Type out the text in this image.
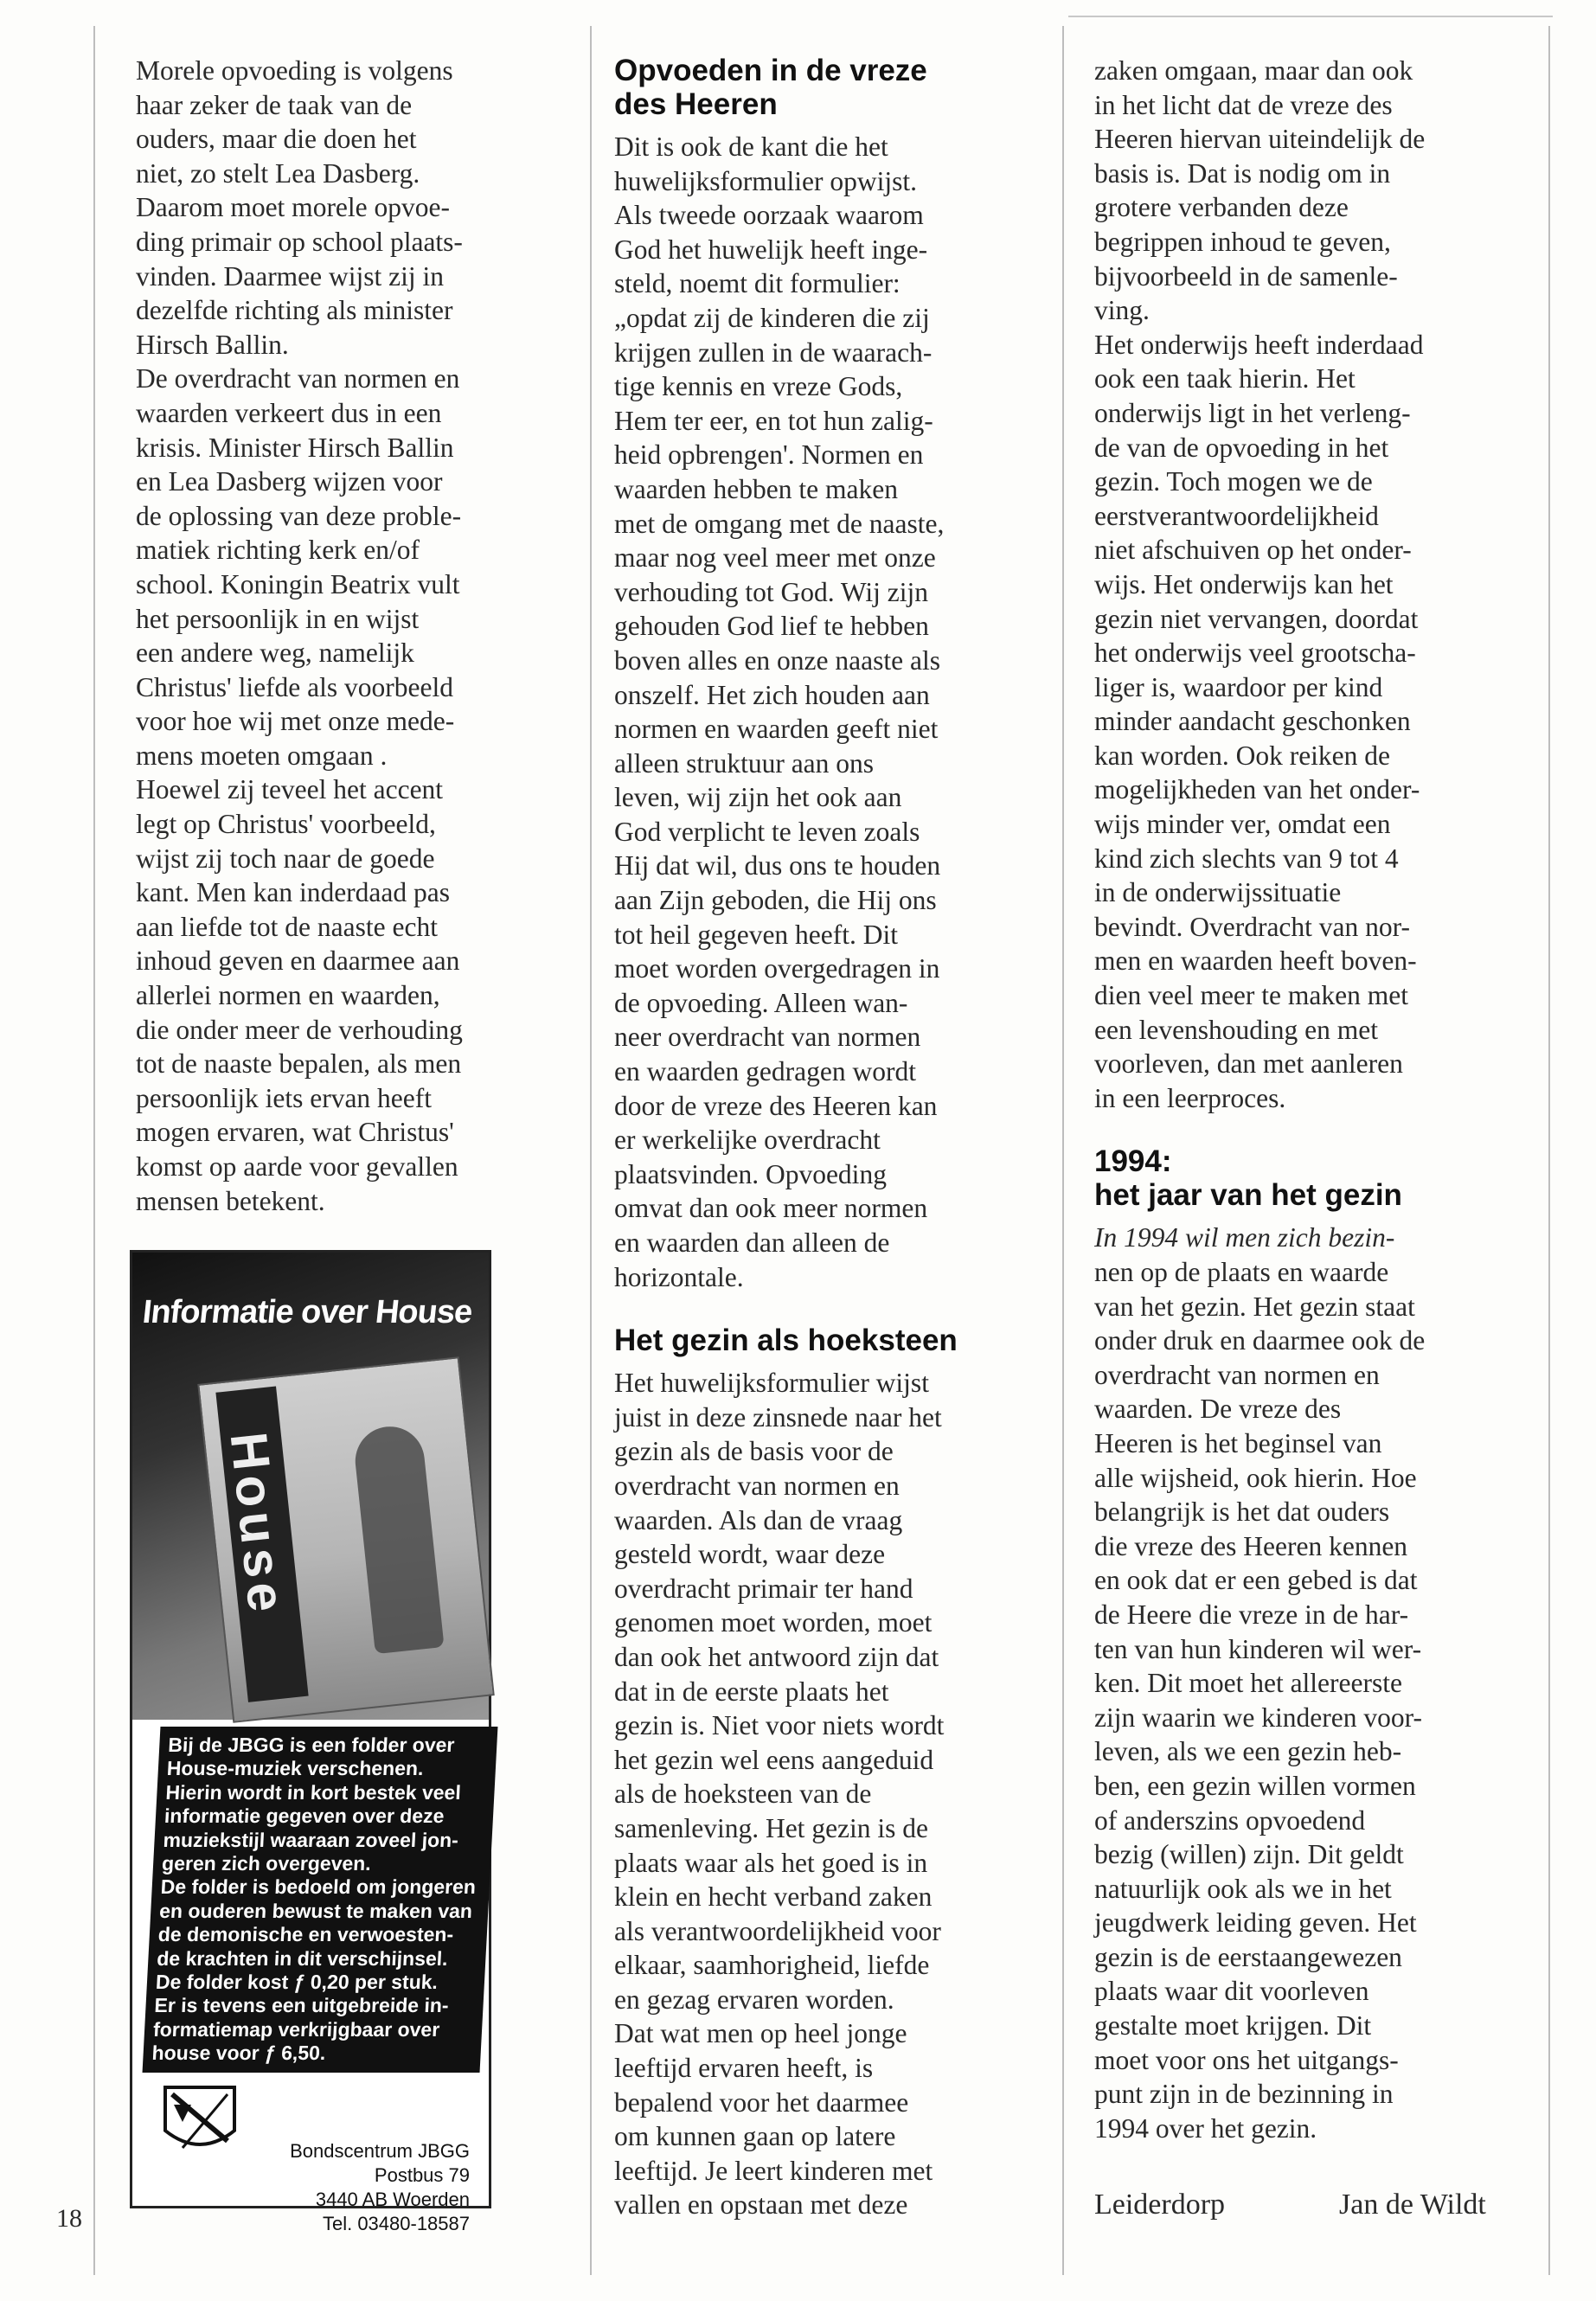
Morele opvoeding is volgens
haar zeker de taak van de
ouders, maar die doen het
niet, zo stelt Lea Dasberg.
Daarom moet morele opvoe-
ding primair op school plaats-
vinden. Daarmee wijst zij in
dezelfde richting als minister
Hirsch Ballin.
De overdracht van normen en
waarden verkeert dus in een
krisis. Minister Hirsch Ballin
en Lea Dasberg wijzen voor
de oplossing van deze proble-
matiek richting kerk en/of
school. Koningin Beatrix vult
het persoonlijk in en wijst
een andere weg, namelijk
Christus' liefde als voorbeeld
voor hoe wij met onze mede-
mens moeten omgaan .
Hoewel zij teveel het accent
legt op Christus' voorbeeld,
wijst zij toch naar de goede
kant. Men kan inderdaad pas
aan liefde tot de naaste echt
inhoud geven en daarmee aan
allerlei normen en waarden,
die onder meer de verhouding
tot de naaste bepalen, als men
persoonlijk iets ervan heeft
mogen ervaren, wat Christus'
komst op aarde voor gevallen
mensen betekent.

Informatie over House
House
Bij de JBGG is een folder over
House-muziek verschenen.
Hierin wordt in kort bestek veel
informatie gegeven over deze
muziekstijl waaraan zoveel jon-
geren zich overgeven.
De folder is bedoeld om jongeren
en ouderen bewust te maken van
de demonische en verwoesten-
de krachten in dit verschijnsel.
De folder kost ƒ 0,20 per stuk.
Er is tevens een uitgebreide in-
formatiemap verkrijgbaar over
house voor ƒ 6,50.
Bondscentrum JBGG
Postbus 79
3440 AB Woerden
Tel. 03480-18587
Opvoeden in de vreze
des Heeren

Dit is ook de kant die het
huwelijksformulier opwijst.
Als tweede oorzaak waarom
God het huwelijk heeft inge-
steld, noemt dit formulier:
„opdat zij de kinderen die zij
krijgen zullen in de waarach-
tige kennis en vreze Gods,
Hem ter eer, en tot hun zalig-
heid opbrengen'. Normen en
waarden hebben te maken
met de omgang met de naaste,
maar nog veel meer met onze
verhouding tot God. Wij zijn
gehouden God lief te hebben
boven alles en onze naaste als
onszelf. Het zich houden aan
normen en waarden geeft niet
alleen struktuur aan ons
leven, wij zijn het ook aan
God verplicht te leven zoals
Hij dat wil, dus ons te houden
aan Zijn geboden, die Hij ons
tot heil gegeven heeft. Dit
moet worden overgedragen in
de opvoeding. Alleen wan-
neer overdracht van normen
en waarden gedragen wordt
door de vreze des Heeren kan
er werkelijke overdracht
plaatsvinden. Opvoeding
omvat dan ook meer normen
en waarden dan alleen de
horizontale.

Het gezin als hoeksteen

Het huwelijksformulier wijst
juist in deze zinsnede naar het
gezin als de basis voor de
overdracht van normen en
waarden. Als dan de vraag
gesteld wordt, waar deze
overdracht primair ter hand
genomen moet worden, moet
dan ook het antwoord zijn dat
dat in de eerste plaats het
gezin is. Niet voor niets wordt
het gezin wel eens aangeduid
als de hoeksteen van de
samenleving. Het gezin is de
plaats waar als het goed is in
klein en hecht verband zaken
als verantwoordelijkheid voor
elkaar, saamhorigheid, liefde
en gezag ervaren worden.
Dat wat men op heel jonge
leeftijd ervaren heeft, is
bepalend voor het daarmee
om kunnen gaan op latere
leeftijd. Je leert kinderen met
vallen en opstaan met deze

zaken omgaan, maar dan ook
in het licht dat de vreze des
Heeren hiervan uiteindelijk de
basis is. Dat is nodig om in
grotere verbanden deze
begrippen inhoud te geven,
bijvoorbeeld in de samenle-
ving.
Het onderwijs heeft inderdaad
ook een taak hierin. Het
onderwijs ligt in het verleng-
de van de opvoeding in het
gezin. Toch mogen we de
eerstverantwoordelijkheid
niet afschuiven op het onder-
wijs. Het onderwijs kan het
gezin niet vervangen, doordat
het onderwijs veel grootscha-
liger is, waardoor per kind
minder aandacht geschonken
kan worden. Ook reiken de
mogelijkheden van het onder-
wijs minder ver, omdat een
kind zich slechts van 9 tot 4
in de onderwijssituatie
bevindt. Overdracht van nor-
men en waarden heeft boven-
dien veel meer te maken met
een levenshouding en met
voorleven, dan met aanleren
in een leerproces.

1994:
het jaar van het gezin

In 1994 wil men zich bezin-

nen op de plaats en waarde
van het gezin. Het gezin staat
onder druk en daarmee ook de
overdracht van normen en
waarden. De vreze des
Heeren is het beginsel van
alle wijsheid, ook hierin. Hoe
belangrijk is het dat ouders
die vreze des Heeren kennen
en ook dat er een gebed is dat
de Heere die vreze in de har-
ten van hun kinderen wil wer-
ken. Dit moet het allereerste
zijn waarin we kinderen voor-
leven, als we een gezin heb-
ben, een gezin willen vormen
of anderszins opvoedend
bezig (willen) zijn. Dit geldt
natuurlijk ook als we in het
jeugdwerk leiding geven. Het
gezin is de eerstaangewezen
plaats waar dit voorleven
gestalte moet krijgen. Dit
moet voor ons het uitgangs-
punt zijn in de bezinning in
1994 over het gezin.

Leiderdorp	Jan de Wildt
18
